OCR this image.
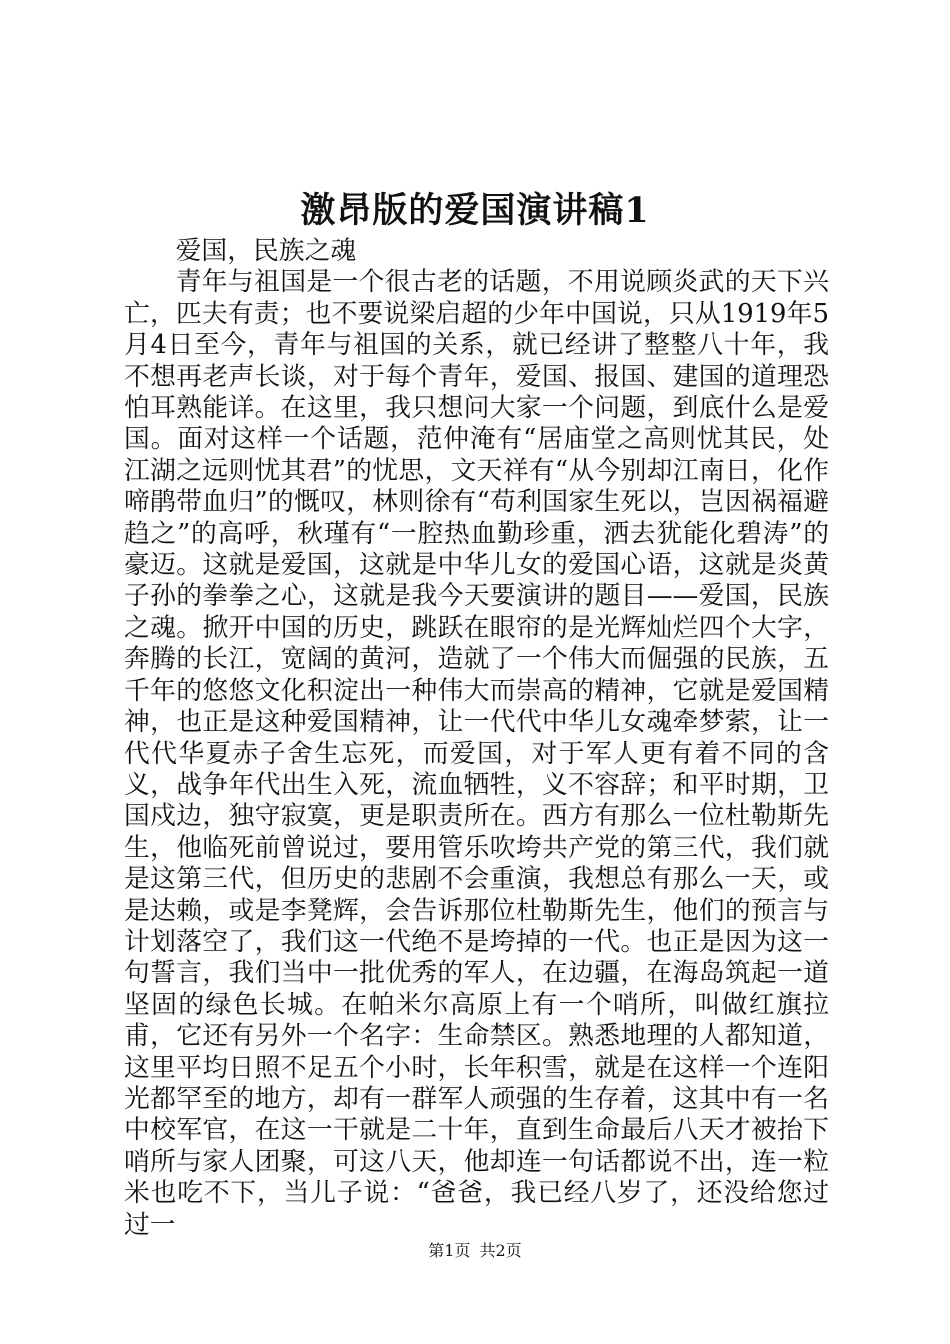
激昂版的爱国演讲稿1

爱国，民族之魂

青年与祖国是一个很古老的话题，不用说顾炎武的天下兴亡，匹夫有责；也不要说梁启超的少年中国说，只从1919年5月4日至今，青年与祖国的关系，就已经讲了整整八十年，我不想再老声长谈，对于每个青年，爱国、报国、建国的道理恐怕耳熟能详。在这里，我只想问大家一个问题，到底什么是爱国。面对这样一个话题，范仲淹有“居庙堂之高则忧其民，处江湖之远则忧其君”的忧思，文天祥有“从今别却江南日，化作啼鹃带血归”的慨叹，林则徐有“苟利国家生死以，岂因祸福避趋之”的高呼，秋瑾有“一腔热血勤珍重，洒去犹能化碧涛”的豪迈。这就是爱国，这就是中华儿女的爱国心语，这就是炎黄子孙的拳拳之心，这就是我今天要演讲的题目——爱国，民族之魂。掀开中国的历史，跳跃在眼帘的是光辉灿烂四个大字，奔腾的长江，宽阔的黄河，造就了一个伟大而倔强的民族，五千年的悠悠文化积淀出一种伟大而崇高的精神，它就是爱国精神，也正是这种爱国精神，让一代代中华儿女魂牵梦萦，让一代代华夏赤子舍生忘死，而爱国，对于军人更有着不同的含义，战争年代出生入死，流血牺牲，义不容辞；和平时期，卫国戍边，独守寂寞，更是职责所在。西方有那么一位杜勒斯先生，他临死前曾说过，要用管乐吹垮共产党的第三代，我们就是这第三代，但历史的悲剧不会重演，我想总有那么一天，或是达赖，或是李凳辉，会告诉那位杜勒斯先生，他们的预言与计划落空了，我们这一代绝不是垮掉的一代。也正是因为这一句誓言，我们当中一批优秀的军人，在边疆，在海岛筑起一道坚固的绿色长城。在帕米尔高原上有一个哨所，叫做红旗拉甫，它还有另外一个名字：生命禁区。熟悉地理的人都知道，这里平均日照不足五个小时，长年积雪，就是在这样一个连阳光都罕至的地方，却有一群军人顽强的生存着，这其中有一名中校军官，在这一干就是二十年，直到生命最后八天才被抬下哨所与家人团聚，可这八天，他却连一句话都说不出，连一粒米也吃不下，当儿子说：“爸爸，我已经八岁了，还没给您过过一

第1页 共2页
